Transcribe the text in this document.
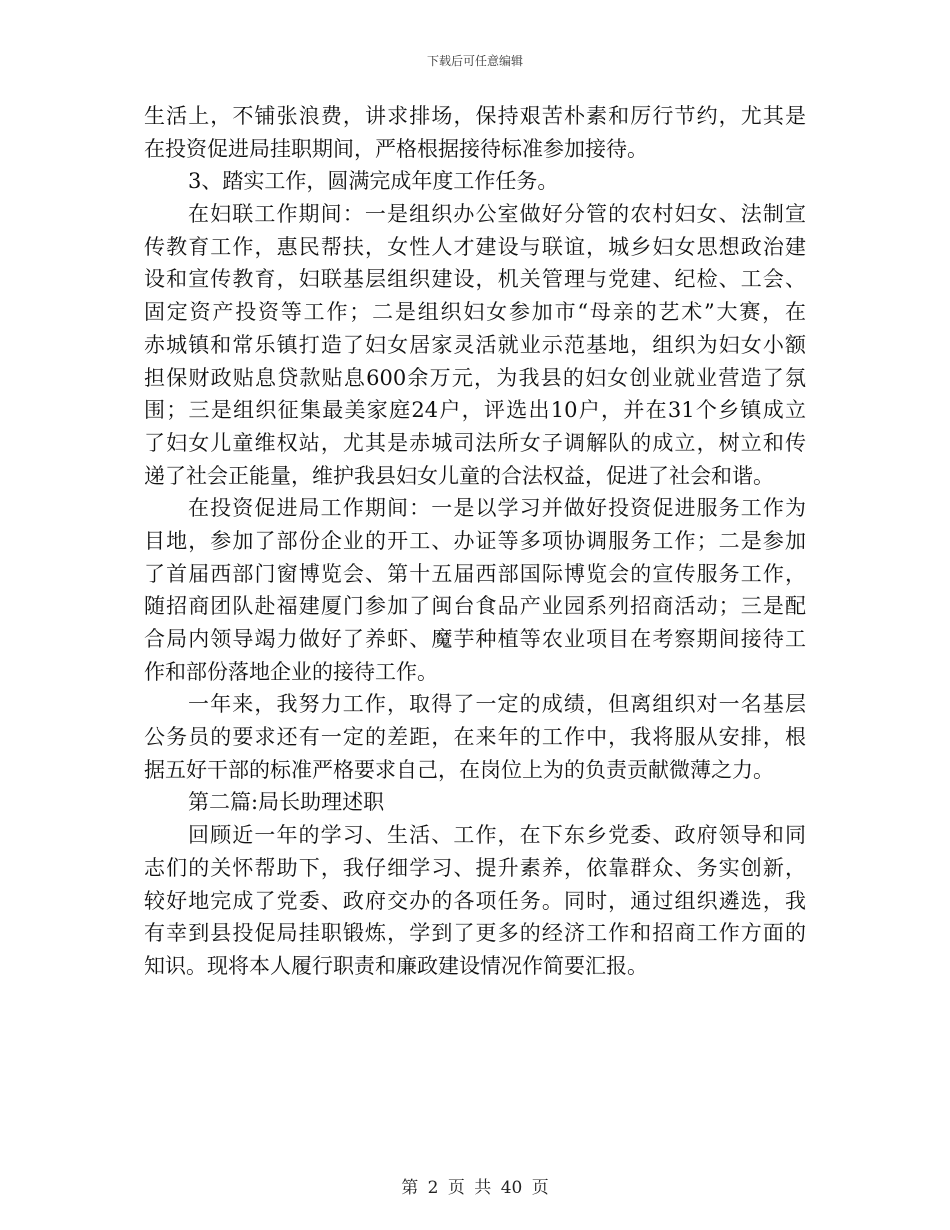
下载后可任意编辑
生活上，不铺张浪费，讲求排场，保持艰苦朴素和厉行节约，尤其是
在投资促进局挂职期间，严格根据接待标准参加接待。
3、踏实工作，圆满完成年度工作任务。
在妇联工作期间：一是组织办公室做好分管的农村妇女、法制宣
传教育工作，惠民帮扶，女性人才建设与联谊，城乡妇女思想政治建
设和宣传教育，妇联基层组织建设，机关管理与党建、纪检、工会、
固定资产投资等工作；二是组织妇女参加市“母亲的艺术”大赛，在
赤城镇和常乐镇打造了妇女居家灵活就业示范基地，组织为妇女小额
担保财政贴息贷款贴息600余万元，为我县的妇女创业就业营造了氛
围；三是组织征集最美家庭24户，评选出10户，并在31个乡镇成立
了妇女儿童维权站，尤其是赤城司法所女子调解队的成立，树立和传
递了社会正能量，维护我县妇女儿童的合法权益，促进了社会和谐。
在投资促进局工作期间：一是以学习并做好投资促进服务工作为
目地，参加了部份企业的开工、办证等多项协调服务工作；二是参加
了首届西部门窗博览会、第十五届西部国际博览会的宣传服务工作，
随招商团队赴福建厦门参加了闽台食品产业园系列招商活动；三是配
合局内领导竭力做好了养虾、魔芋种植等农业项目在考察期间接待工
作和部份落地企业的接待工作。
一年来，我努力工作，取得了一定的成绩，但离组织对一名基层
公务员的要求还有一定的差距，在来年的工作中，我将服从安排，根
据五好干部的标准严格要求自己，在岗位上为的负责贡献微薄之力。
第二篇:局长助理述职
回顾近一年的学习、生活、工作，在下东乡党委、政府领导和同
志们的关怀帮助下，我仔细学习、提升素养，依靠群众、务实创新，
较好地完成了党委、政府交办的各项任务。同时，通过组织遴选，我
有幸到县投促局挂职锻炼，学到了更多的经济工作和招商工作方面的
知识。现将本人履行职责和廉政建设情况作简要汇报。
第 2 页 共 40 页
